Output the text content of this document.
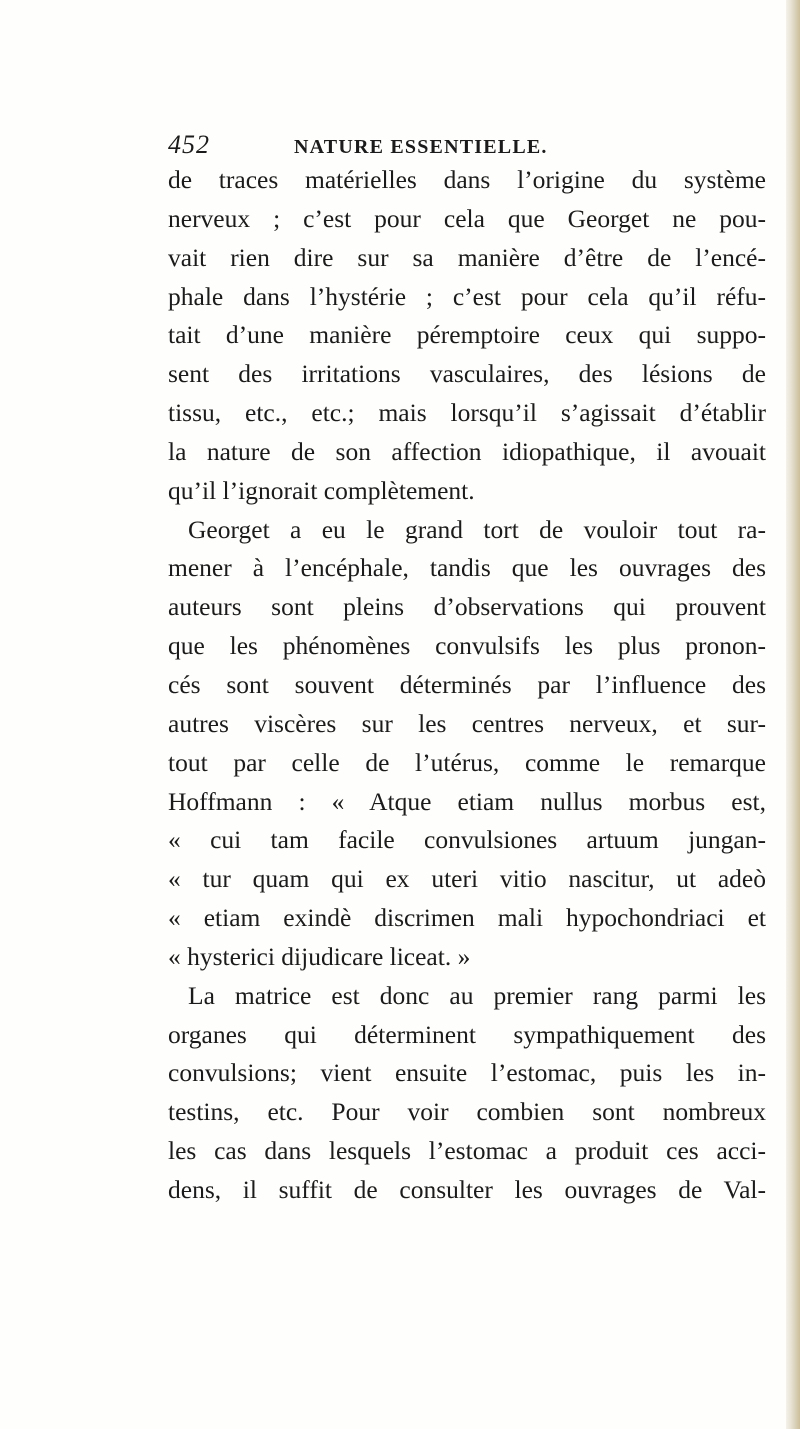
452	NATURE ESSENTIELLE.
de traces matérielles dans l’origine du système
nerveux ; c’est pour cela que Georget ne pou-
vait rien dire sur sa manière d’être de l’encé-
phale dans l’hystérie ; c’est pour cela qu’il réfu-
tait d’une manière péremptoire ceux qui suppo-
sent des irritations vasculaires, des lésions de
tissu, etc., etc.; mais lorsqu’il s’agissait d’établir
la nature de son affection idiopathique, il avouait
qu’il l’ignorait complètement.
Georget a eu le grand tort de vouloir tout ra-
mener à l’encéphale, tandis que les ouvrages des
auteurs sont pleins d’observations qui prouvent
que les phénomènes convulsifs les plus pronon-
cés sont souvent déterminés par l’influence des
autres viscères sur les centres nerveux, et sur-
tout par celle de l’utérus, comme le remarque
Hoffmann : « Atque etiam nullus morbus est,
« cui tam facile convulsiones artuum jungan-
« tur quam qui ex uteri vitio nascitur, ut adeò
« etiam exindè discrimen mali hypochondriaci et
« hysterici dijudicare liceat. »
La matrice est donc au premier rang parmi les
organes qui déterminent sympathiquement des
convulsions; vient ensuite l’estomac, puis les in-
testins, etc. Pour voir combien sont nombreux
les cas dans lesquels l’estomac a produit ces acci-
dens, il suffit de consulter les ouvrages de Val-
